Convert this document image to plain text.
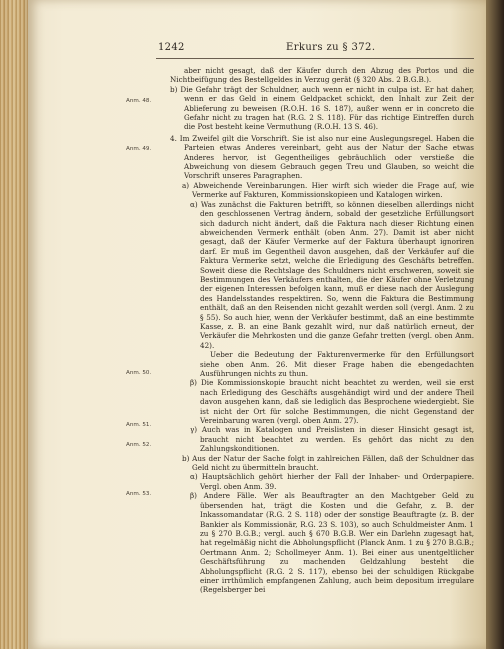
1242	Erkurs zu § 372.
Anm. 48.
Anm. 49.
Anm. 50.
Anm. 51.
Anm. 52.
Anm. 53.

aber nicht gesagt, daß der Käufer durch den Abzug des Portos und die Nichtbeifügung des Bestellgeldes in Verzug gerät (§ 320 Abs. 2 B.G.B.).

b) Die Gefahr trägt der Schuldner, auch wenn er nicht in culpa ist. Er hat daher, wenn er das Geld in einem Geldpacket schickt, den Inhalt zur Zeit der Ablieferung zu beweisen (R.O.H. 16 S. 187), außer wenn er in concreto die Gefahr nicht zu tragen hat (R.G. 2 S. 118). Für das richtige Eintreffen durch die Post besteht keine Vermuthung (R.O.H. 13 S. 46).

4. Im Zweifel gilt die Vorschrift. Sie ist also nur eine Auslegungsregel. Haben die Parteien etwas Anderes vereinbart, geht aus der Natur der Sache etwas Anderes hervor, ist Gegentheiliges gebräuchlich oder verstieße die Abweichung von diesem Gebrauch gegen Treu und Glauben, so weicht die Vorschrift unseres Paragraphen.

a) Abweichende Vereinbarungen. Hier wirft sich wieder die Frage auf, wie Vermerke auf Fakturen, Kommissionskopieen und Katalogen wirken.

α) Was zunächst die Fakturen betrifft, so können dieselben allerdings nicht den geschlossenen Vertrag ändern, sobald der gesetzliche Erfüllungsort sich dadurch nicht ändert, daß die Faktura nach dieser Richtung einen abweichenden Vermerk enthält (oben Anm. 27). Damit ist aber nicht gesagt, daß der Käufer Vermerke auf der Faktura überhaupt ignoriren darf. Er muß im Gegentheil davon ausgehen, daß der Verkäufer auf die Faktura Vermerke setzt, welche die Erledigung des Geschäfts betreffen. Soweit diese die Rechtslage des Schuldners nicht erschweren, soweit sie Bestimmungen des Verkäufers enthalten, die der Käufer ohne Verletzung der eigenen Interessen befolgen kann, muß er diese nach der Auslegung des Handelsstandes respektiren. So, wenn die Faktura die Bestimmung enthält, daß an den Reisenden nicht gezahlt werden soll (vergl. Anm. 2 zu § 55). So auch hier, wenn der Verkäufer bestimmt, daß an eine bestimmte Kasse, z. B. an eine Bank gezahlt wird, nur daß natürlich erneut, der Verkäufer die Mehrkosten und die ganze Gefahr tretten (vergl. oben Anm. 42).

Ueber die Bedeutung der Fakturenvermerke für den Erfüllungsort siehe oben Anm. 26. Mit dieser Frage haben die ebengedachten Ausführungen nichts zu thun.

β) Die Kommissionskopie braucht nicht beachtet zu werden, weil sie erst nach Erledigung des Geschäfts ausgehändigt wird und der andere Theil davon ausgehen kann, daß sie lediglich das Besprochene wiedergiebt. Sie ist nicht der Ort für solche Bestimmungen, die nicht Gegenstand der Vereinbarung waren (vergl. oben Anm. 27).

γ) Auch was in Katalogen und Preislisten in dieser Hinsicht gesagt ist, braucht nicht beachtet zu werden. Es gehört das nicht zu den Zahlungskonditionen.

b) Aus der Natur der Sache folgt in zahlreichen Fällen, daß der Schuldner das Geld nicht zu übermitteln braucht.

α) Hauptsächlich gehört hierher der Fall der Inhaber- und Orderpapiere. Vergl. oben Anm. 39.

β) Andere Fälle. Wer als Beauftragter an den Machtgeber Geld zu übersenden hat, trägt die Kosten und die Gefahr, z. B. der Inkassomandatar (R.G. 2 S. 118) oder der sonstige Beauftragte (z. B. der Bankier als Kommissionär, R.G. 23 S. 103), so auch Schuldmeister Anm. 1 zu § 270 B.G.B.; vergl. auch § 670 B.G.B. Wer ein Darlehn zugesagt hat, hat regelmäßig nicht die Abholungspflicht (Planck Anm. 1 zu § 270 B.G.B.; Oertmann Anm. 2; Schollmeyer Anm. 1). Bei einer aus unentgeltlicher Geschäftsführung zu machenden Geldzahlung besteht die Abholungspflicht (R.G. 2 S. 117), ebenso bei der schuldigen Rückgabe einer irrthümlich empfangenen Zahlung, auch beim depositum irregulare (Regelsberger bei
